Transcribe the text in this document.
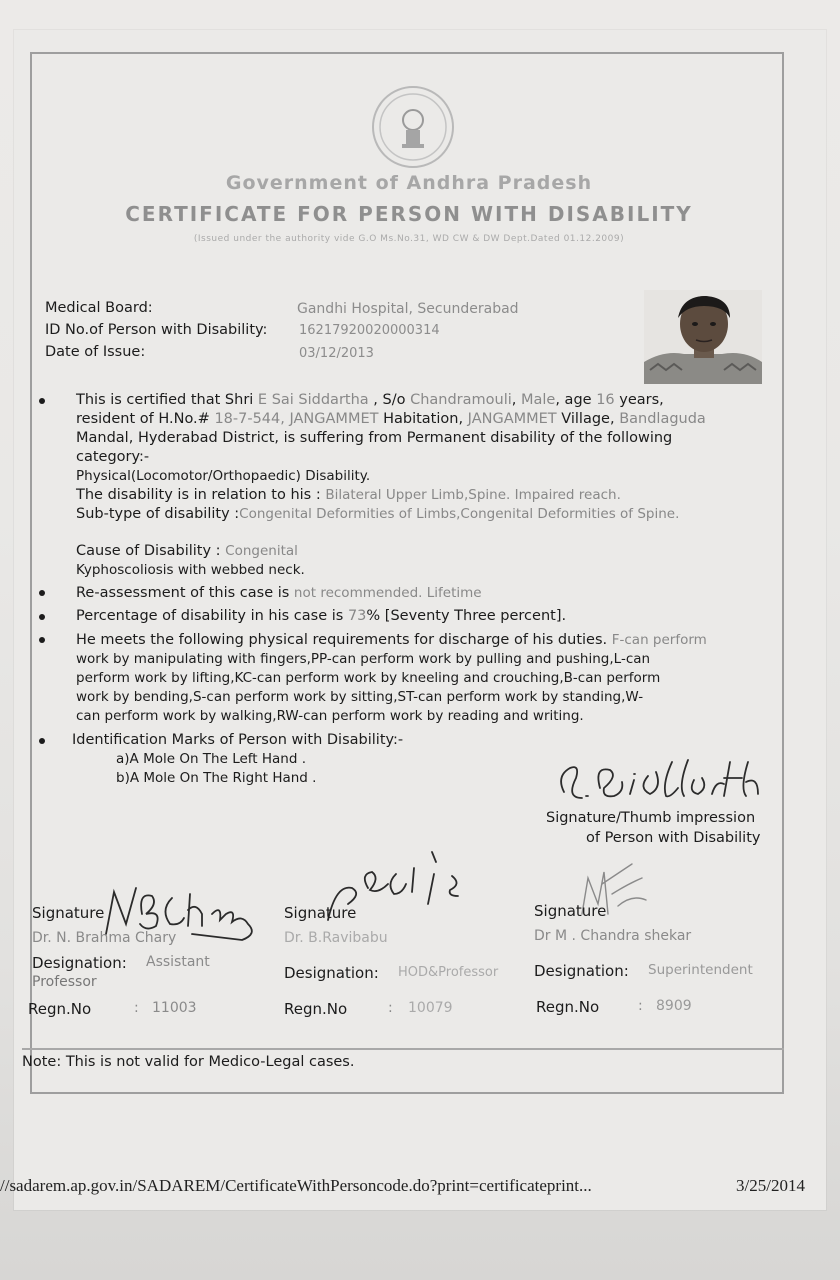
Government of Andhra Pradesh
CERTIFICATE FOR PERSON WITH DISABILITY
(Issued under the authority vide G.O Ms.No.31, WD CW & DW Dept.Dated 01.12.2009)
Medical Board:	Gandhi Hospital, Secunderabad
ID No.of Person with Disability: 16217920020000314
Date of Issue:	03/12/2013
This is certified that Shri E Sai Siddartha , S/o Chandramouli, Male, age 16 years,
resident of H.No.# 18-7-544, JANGAMMET Habitation, JANGAMMET Village, Bandlaguda
Mandal, Hyderabad District, is suffering from Permanent disability of the following
category:-
Physical(Locomotor/Orthopaedic) Disability.
The disability is in relation to his : Bilateral Upper Limb,Spine. Impaired reach.
Sub-type of disability :Congenital Deformities of Limbs,Congenital Deformities of Spine.
Cause of Disability : Congenital
Kyphoscoliosis with webbed neck.
Re-assessment of this case is not recommended. Lifetime
Percentage of disability in his case is 73% [Seventy Three percent].
He meets the following physical requirements for discharge of his duties. F-can perform
work by manipulating with fingers,PP-can perform work by pulling and pushing,L-can
perform work by lifting,KC-can perform work by kneeling and crouching,B-can perform
work by bending,S-can perform work by sitting,ST-can perform work by standing,W-
can perform work by walking,RW-can perform work by reading and writing.
Identification Marks of Person with Disability:-
a)A Mole On The Left Hand .
b)A Mole On The Right Hand .
Signature/Thumb impression
of Person with Disability
Signature
Dr. N. Brahma Chary
Designation: Assistant
Professor
Regn.No	: 11003
Signature
Dr. B.Ravibabu
Designation: HOD&Professor
Regn.No	: 10079
Signature
Dr M . Chandra shekar
Designation: Superintendent
Regn.No	: 8909
Note: This is not valid for Medico-Legal cases.
//sadarem.ap.gov.in/SADAREM/CertificateWithPersoncode.do?print=certificateprint...	3/25/2014
